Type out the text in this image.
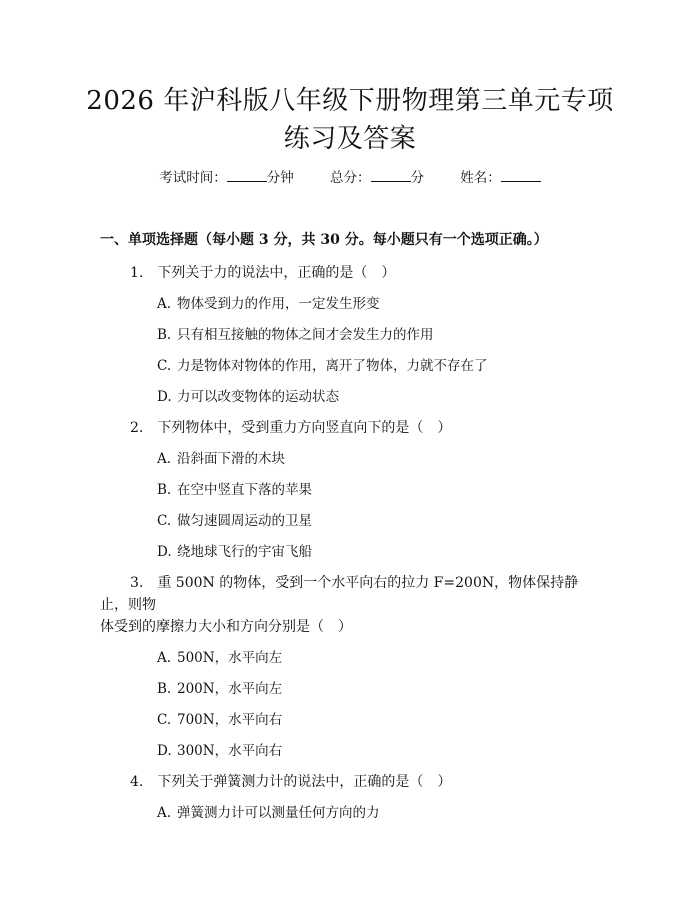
2026 年沪科版八年级下册物理第三单元专项
练习及答案
考试时间：	分钟	总分：	分	姓名：
一、单项选择题（每小题 3 分，共 30 分。每小题只有一个选项正确。）

1.　 下列关于力的说法中，正确的是（　）

A. 物体受到力的作用，一定发生形变

B. 只有相互接触的物体之间才会发生力的作用

C. 力是物体对物体的作用，离开了物体，力就不存在了

D. 力可以改变物体的运动状态

2.　 下列物体中，受到重力方向竖直向下的是（　）

A. 沿斜面下滑的木块

B. 在空中竖直下落的苹果

C. 做匀速圆周运动的卫星

D. 绕地球飞行的宇宙飞船

3.　 重 500N 的物体，受到一个水平向右的拉力 F=200N，物体保持静止，则物

体受到的摩擦力大小和方向分别是（　）

A. 500N，水平向左

B. 200N，水平向左

C. 700N，水平向右

D. 300N，水平向右

4.　 下列关于弹簧测力计的说法中，正确的是（　）

A. 弹簧测力计可以测量任何方向的力
